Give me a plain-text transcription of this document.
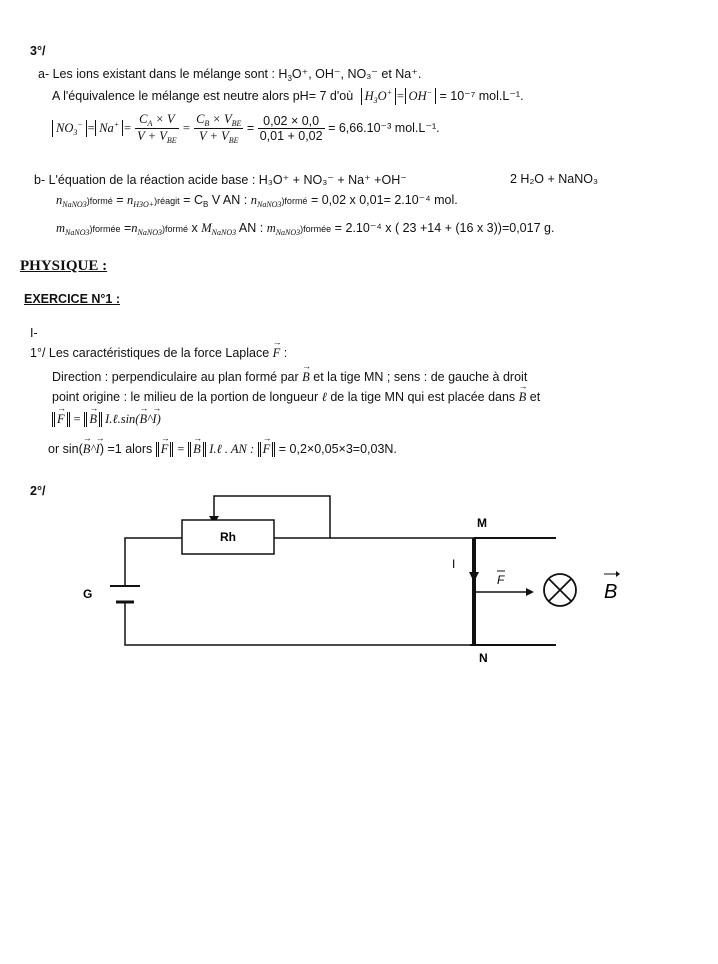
3°/
a- Les ions existant dans le mélange sont : $H_3O^+$, OH⁻, NO₃⁻ et Na⁺.
A l'équivalence le mélange est neutre alors pH= 7 d'où $H_3O^+ = OH^- = 10^{-7}$ mol.L⁻¹.
$NO_3^- = Na^+ = \frac{C_A \times V}{V + V_{BE}} = \frac{C_B \times V_{BE}}{V + V_{BE}} = \frac{0,02 \times 0,0}{0,01 + 0,02} = 6,66.10^{-3}$ mol.L⁻¹.
b- L'équation de la réaction acide base : H₃O⁺ + NO₃⁻ + Na⁺ +OH⁻	2 H₂O + NaNO₃
$n_{NaNO3})formé$ = $n_{H3O+})réagit = C_B$ V AN : $n_{NaNO3})formé = 0,02$ x 0,01= 2.10⁻⁴ mol.
$m_{NaNO3})formée$ $=n_{NaNO3})formé$ x $M_{NaNO3}$ AN : $m_{NaNO3})formée = 2.10^{-4}$ x ( 23 +14 + (16 x 3))=0,017 g.
PHYSIQUE :
EXERCICE N°1 :
I-
1°/ Les caractéristiques de la force Laplace → F :
Direction : perpendiculaire au plan formé par → B et la tige MN ; sens : de gauche à droit
point origine : le milieu de la portion de longueur ℓ de la tige MN qui est placée dans → B et
→ F = → B I.ℓ.sin(→ B^→ I)
or sin(→ B^→ I) =1 alors → F = → B I.ℓ . AN : → F = 0,2×0,05×3=0,03N.
2°/
Rh
G
M
N
I
F
B
